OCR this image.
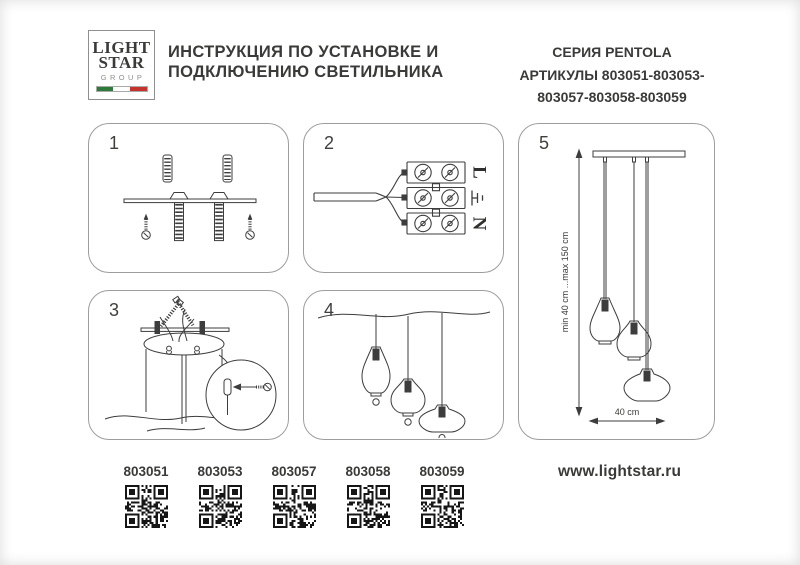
LIGHT
STAR
GROUP
ИНСТРУКЦИЯ ПО УСТАНОВКЕ И
ПОДКЛЮЧЕНИЮ СВЕТИЛЬНИКА
СЕРИЯ PENTOLA
АРТИКУЛЫ 803051-803053-
803057-803058-803059
1
L
N
2
3	4	min 40 cm ...max 150 cm
40 cm
5
803051	803053	803057	803058	803059	www.lightstar.ru
